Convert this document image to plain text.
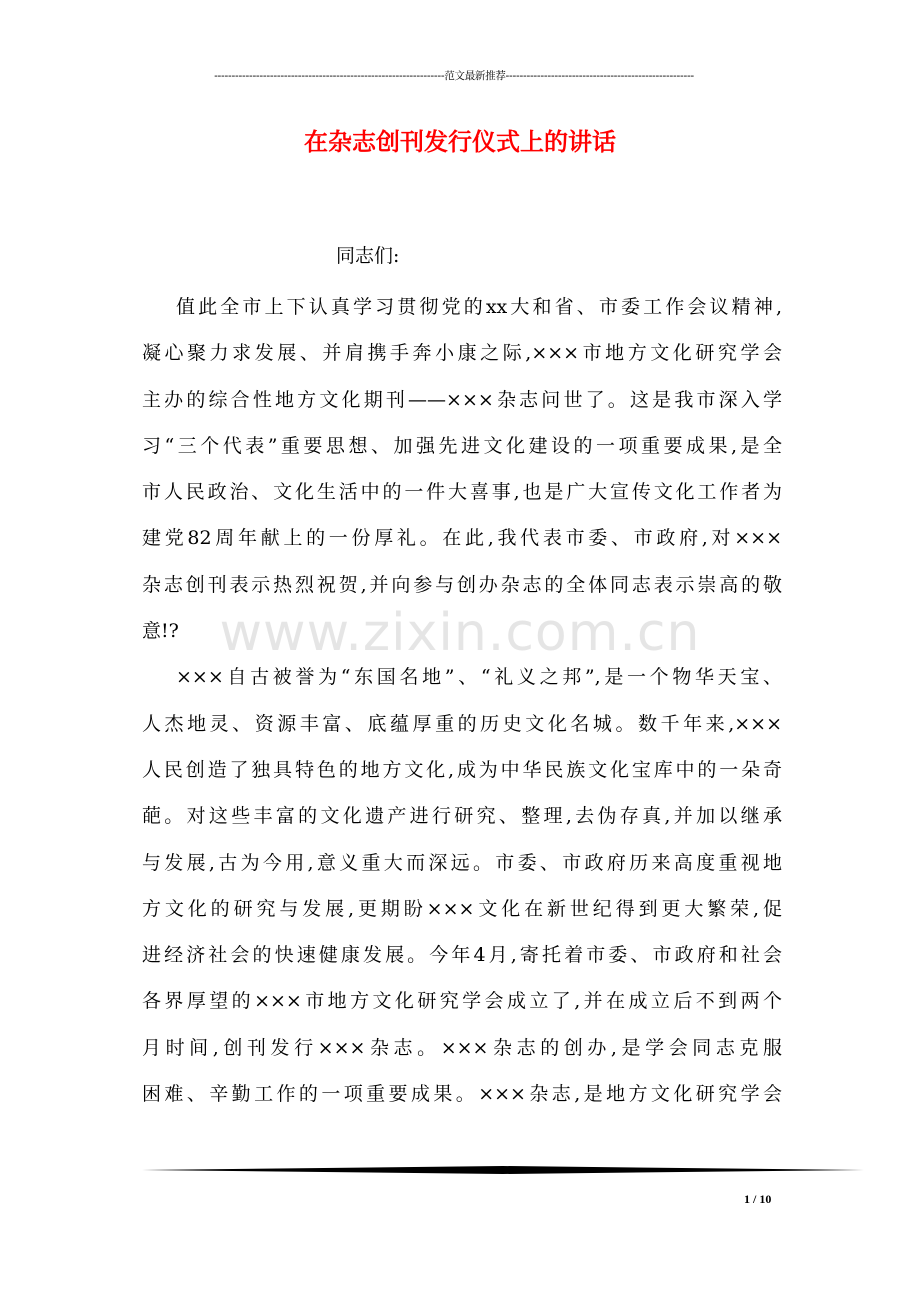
------------------------------------------------------------------范文最新推荐------------------------------------------------------
在杂志创刊发行仪式上的讲话
www.zixin.com.cn
同志们:
值此全市上下认真学习贯彻党的xx大和省、市委工作会议精神,
凝心聚力求发展、并肩携手奔小康之际,×××市地方文化研究学会
主办的综合性地方文化期刊——×××杂志问世了。这是我市深入学
习“三个代表”重要思想、加强先进文化建设的一项重要成果,是全
市人民政治、文化生活中的一件大喜事,也是广大宣传文化工作者为
建党82周年献上的一份厚礼。在此,我代表市委、市政府,对×××
杂志创刊表示热烈祝贺,并向参与创办杂志的全体同志表示崇高的敬
意!?
×××自古被誉为“东国名地”、“礼义之邦”,是一个物华天宝、
人杰地灵、资源丰富、底蕴厚重的历史文化名城。数千年来,×××
人民创造了独具特色的地方文化,成为中华民族文化宝库中的一朵奇
葩。对这些丰富的文化遗产进行研究、整理,去伪存真,并加以继承
与发展,古为今用,意义重大而深远。市委、市政府历来高度重视地
方文化的研究与发展,更期盼×××文化在新世纪得到更大繁荣,促
进经济社会的快速健康发展。今年4月,寄托着市委、市政府和社会
各界厚望的×××市地方文化研究学会成立了,并在成立后不到两个
月时间,创刊发行×××杂志。×××杂志的创办,是学会同志克服
困难、辛勤工作的一项重要成果。×××杂志,是地方文化研究学会
1 / 10
